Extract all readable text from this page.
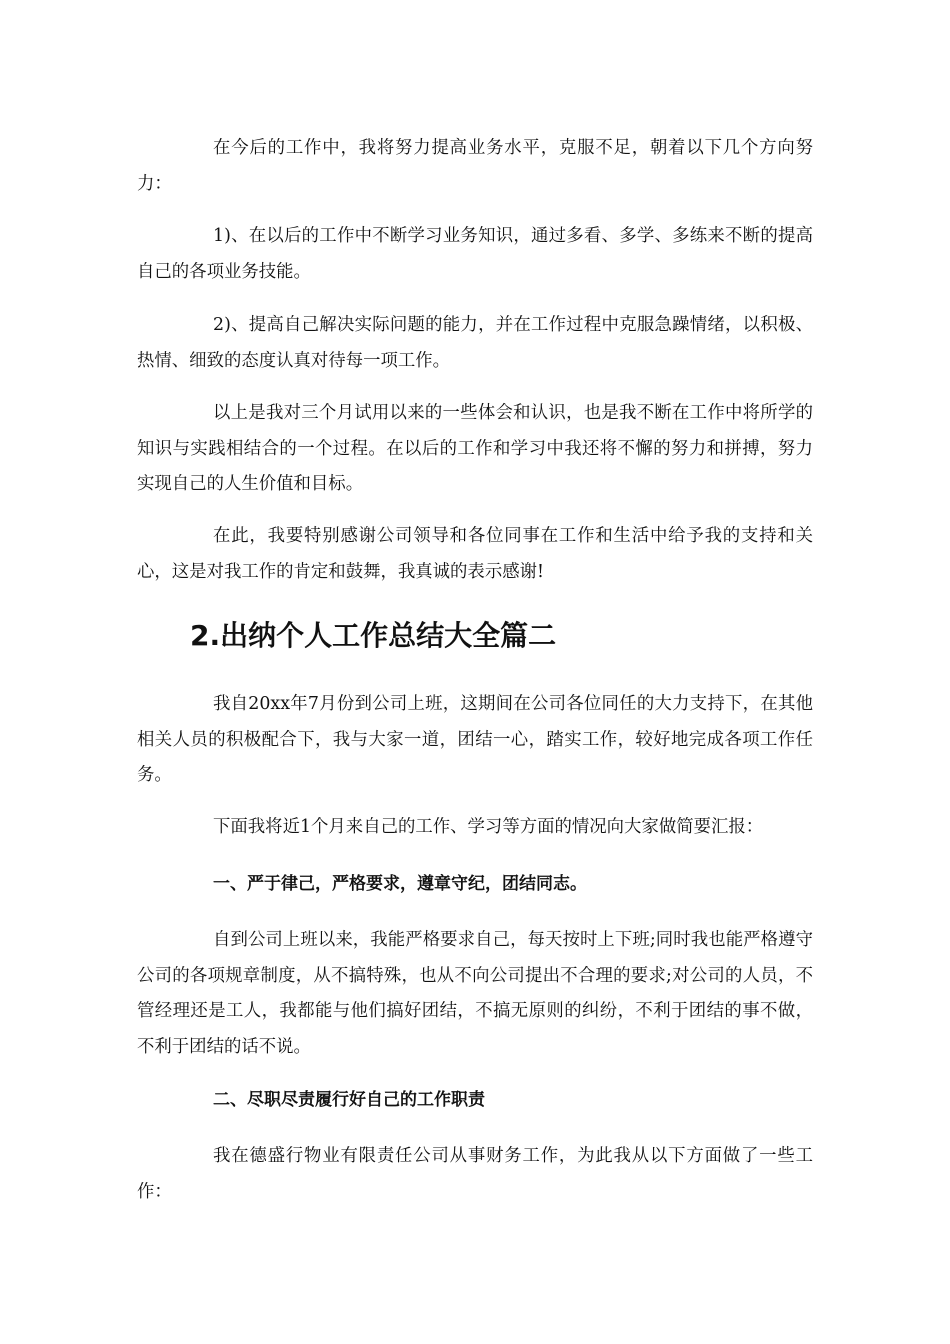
在今后的工作中，我将努力提高业务水平，克服不足，朝着以下几个方向努力：

1)、在以后的工作中不断学习业务知识，通过多看、多学、多练来不断的提高自己的各项业务技能。

2)、提高自己解决实际问题的能力，并在工作过程中克服急躁情绪，以积极、热情、细致的态度认真对待每一项工作。

以上是我对三个月试用以来的一些体会和认识，也是我不断在工作中将所学的知识与实践相结合的一个过程。在以后的工作和学习中我还将不懈的努力和拼搏，努力实现自己的人生价值和目标。

在此，我要特别感谢公司领导和各位同事在工作和生活中给予我的支持和关心，这是对我工作的肯定和鼓舞，我真诚的表示感谢!

2.出纳个人工作总结大全篇二

我自20xx年7月份到公司上班，这期间在公司各位同任的大力支持下，在其他相关人员的积极配合下，我与大家一道，团结一心，踏实工作，较好地完成各项工作任务。

下面我将近1个月来自己的工作、学习等方面的情况向大家做简要汇报：

一、严于律己，严格要求，遵章守纪，团结同志。

自到公司上班以来，我能严格要求自己，每天按时上下班;同时我也能严格遵守公司的各项规章制度，从不搞特殊，也从不向公司提出不合理的要求;对公司的人员，不管经理还是工人，我都能与他们搞好团结，不搞无原则的纠纷，不利于团结的事不做，不利于团结的话不说。

二、尽职尽责履行好自己的工作职责

我在德盛行物业有限责任公司从事财务工作，为此我从以下方面做了一些工作：
